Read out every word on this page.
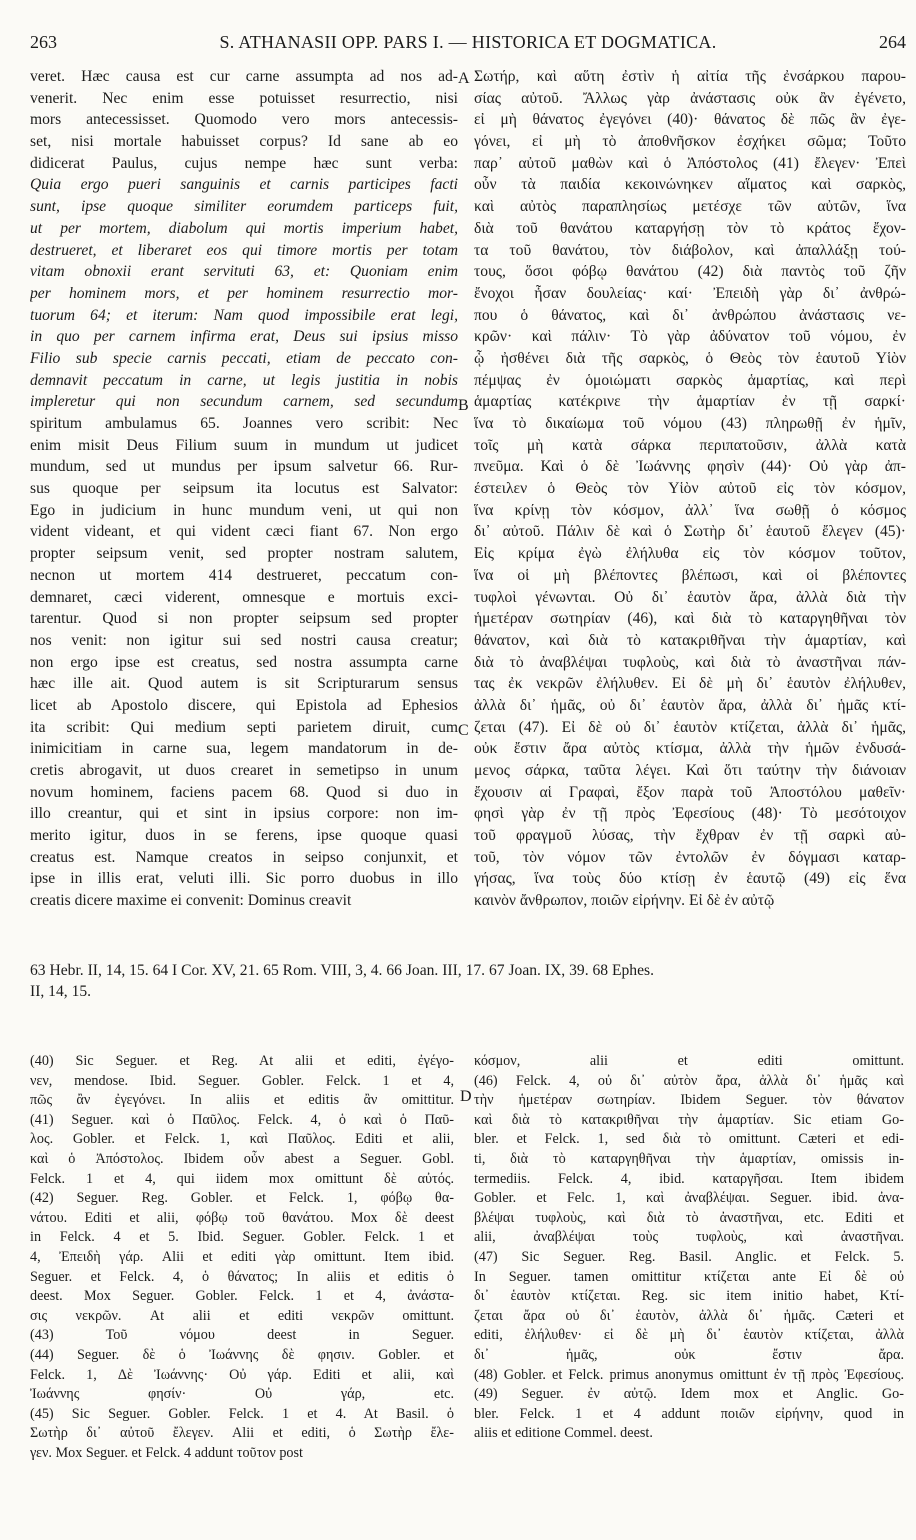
263	S. ATHANASII OPP. PARS I. — HISTORICA ET DOGMATICA.	264
veret. Hæc causa est cur carne assumpta ad nos ad-
venerit. Nec enim esse potuisset resurrectio, nisi
mors antecessisset. Quomodo vero mors antecessis-
set, nisi mortale habuisset corpus? Id sane ab eo
didicerat Paulus, cujus nempe hæc sunt verba:
Quia ergo pueri sanguinis et carnis participes facti
sunt, ipse quoque similiter eorumdem particeps fuit,
ut per mortem, diabolum qui mortis imperium habet,
destrueret, et liberaret eos qui timore mortis per totam
vitam obnoxii erant servituti 63, et: Quoniam enim
per hominem mors, et per hominem resurrectio mor-
tuorum 64; et iterum: Nam quod impossibile erat legi,
in quo per carnem infirma erat, Deus sui ipsius misso
Filio sub specie carnis peccati, etiam de peccato con-
demnavit peccatum in carne, ut legis justitia in nobis
impleretur qui non secundum carnem, sed secundum
spiritum ambulamus 65. Joannes vero scribit: Nec
enim misit Deus Filium suum in mundum ut judicet
mundum, sed ut mundus per ipsum salvetur 66. Rur-
sus quoque per seipsum ita locutus est Salvator:
Ego in judicium in hunc mundum veni, ut qui non
vident videant, et qui vident cæci fiant 67. Non ergo
propter seipsum venit, sed propter nostram salutem,
necnon ut mortem 414 destrueret, peccatum con-
demnaret, cæci viderent, omnesque e mortuis exci-
tarentur. Quod si non propter seipsum sed propter
nos venit: non igitur sui sed nostri causa creatur;
non ergo ipse est creatus, sed nostra assumpta carne
hæc ille ait. Quod autem is sit Scripturarum sensus
licet ab Apostolo discere, qui Epistola ad Ephesios
ita scribit: Qui medium septi parietem diruit, cum
inimicitiam in carne sua, legem mandatorum in de-
cretis abrogavit, ut duos crearet in semetipso in unum
novum hominem, faciens pacem 68. Quod si duo in
illo creantur, qui et sint in ipsius corpore: non im-
merito igitur, duos in se ferens, ipse quoque quasi
creatus est. Namque creatos in seipso conjunxit, et
ipse in illis erat, veluti illi. Sic porro duobus in illo
creatis dicere maxime ei convenit: Dominus creavit
Σωτήρ, καὶ αὕτη ἐστὶν ἡ αἰτία τῆς ἐνσάρκου παρου-
σίας αὐτοῦ. Ἄλλως γὰρ ἀνάστασις οὐκ ἂν ἐγένετο,
εἰ μὴ θάνατος ἐγεγόνει (40)· θάνατος δὲ πῶς ἂν ἐγε-
γόνει, εἰ μὴ τὸ ἀποθνῆσκον ἐσχήκει σῶμα; Τοῦτο
παρ᾽ αὐτοῦ μαθὼν καὶ ὁ Ἀπόστολος (41) ἔλεγεν· Ἐπεὶ
οὖν τὰ παιδία κεκοινώνηκεν αἵματος καὶ σαρκὸς,
καὶ αὐτὸς παραπλησίως μετέσχε τῶν αὐτῶν, ἵνα
διὰ τοῦ θανάτου καταργήσῃ τὸν τὸ κράτος ἔχον-
τα τοῦ θανάτου, τὸν διάβολον, καὶ ἀπαλλάξῃ τού-
τους, ὅσοι φόβῳ θανάτου (42) διὰ παντὸς τοῦ ζῆν
ἔνοχοι ἦσαν δουλείας· καί· Ἐπειδὴ γὰρ δι᾽ ἀνθρώ-
που ὁ θάνατος, καὶ δι᾽ ἀνθρώπου ἀνάστασις νε-
κρῶν· καὶ πάλιν· Τὸ γὰρ ἀδύνατον τοῦ νόμου, ἐν
ᾧ ἠσθένει διὰ τῆς σαρκὸς, ὁ Θεὸς τὸν ἑαυτοῦ Υἱὸν
πέμψας ἐν ὁμοιώματι σαρκὸς ἁμαρτίας, καὶ περὶ
ἁμαρτίας κατέκρινε τὴν ἁμαρτίαν ἐν τῇ σαρκί·
ἵνα τὸ δικαίωμα τοῦ νόμου (43) πληρωθῇ ἐν ἡμῖν,
τοῖς μὴ κατὰ σάρκα περιπατοῦσιν, ἀλλὰ κατὰ
πνεῦμα. Καὶ ὁ δὲ Ἰωάννης φησὶν (44)· Οὐ γὰρ ἀπ-
έστειλεν ὁ Θεὸς τὸν Υἱὸν αὐτοῦ εἰς τὸν κόσμον,
ἵνα κρίνῃ τὸν κόσμον, ἀλλ᾽ ἵνα σωθῇ ὁ κόσμος
δι᾽ αὐτοῦ. Πάλιν δὲ καὶ ὁ Σωτὴρ δι᾽ ἑαυτοῦ ἔλεγεν (45)·
Εἰς κρίμα ἐγὼ ἐλήλυθα εἰς τὸν κόσμον τοῦτον,
ἵνα οἱ μὴ βλέποντες βλέπωσι, καὶ οἱ βλέποντες
τυφλοὶ γένωνται. Οὐ δι᾽ ἑαυτὸν ἄρα, ἀλλὰ διὰ τὴν
ἡμετέραν σωτηρίαν (46), καὶ διὰ τὸ καταργηθῆναι τὸν
θάνατον, καὶ διὰ τὸ κατακριθῆναι τὴν ἁμαρτίαν, καὶ
διὰ τὸ ἀναβλέψαι τυφλοὺς, καὶ διὰ τὸ ἀναστῆναι πάν-
τας ἐκ νεκρῶν ἐλήλυθεν. Εἰ δὲ μὴ δι᾽ ἑαυτὸν ἐλήλυθεν,
ἀλλὰ δι᾽ ἡμᾶς, οὐ δι᾽ ἑαυτὸν ἄρα, ἀλλὰ δι᾽ ἡμᾶς κτί-
ζεται (47). Εἰ δὲ οὐ δι᾽ ἑαυτὸν κτίζεται, ἀλλὰ δι᾽ ἡμᾶς,
οὐκ ἔστιν ἄρα αὐτὸς κτίσμα, ἀλλὰ τὴν ἡμῶν ἐνδυσά-
μενος σάρκα, ταῦτα λέγει. Καὶ ὅτι ταύτην τὴν διάνοιαν
ἔχουσιν αἱ Γραφαὶ, ἔξον παρὰ τοῦ Ἀποστόλου μαθεῖν·
φησὶ γὰρ ἐν τῇ πρὸς Ἐφεσίους (48)· Τὸ μεσότοιχον
τοῦ φραγμοῦ λύσας, τὴν ἔχθραν ἐν τῇ σαρκὶ αὐ-
τοῦ, τὸν νόμον τῶν ἐντολῶν ἐν δόγμασι καταρ-
γήσας, ἵνα τοὺς δύο κτίσῃ ἐν ἑαυτῷ (49) εἰς ἕνα
καινὸν ἄνθρωπον, ποιῶν εἰρήνην. Εἰ δὲ ἐν αὐτῷ
A
B
C
D
63 Hebr. II, 14, 15. 64 I Cor. XV, 21. 65 Rom. VIII, 3, 4. 66 Joan. III, 17. 67 Joan. IX, 39. 68 Ephes.
II, 14, 15.
(40) Sic Seguer. et Reg. At alii et editi, ἐγέγο-
νεν, mendose. Ibid. Seguer. Gobler. Felck. 1 et 4,
πῶς ἂν ἐγεγόνει. In aliis et editis ἂν omittitur.
(41) Seguer. καὶ ὁ Παῦλος. Felck. 4, ὁ καὶ ὁ Παῦ-
λος. Gobler. et Felck. 1, καὶ Παῦλος. Editi et alii,
καὶ ὁ Ἀπόστολος. Ibidem οὖν abest a Seguer. Gobl.
Felck. 1 et 4, qui iidem mox omittunt δὲ αὐτός.
(42) Seguer. Reg. Gobler. et Felck. 1, φόβῳ θα-
νάτου. Editi et alii, φόβῳ τοῦ θανάτου. Mox δὲ deest
in Felck. 4 et 5. Ibid. Seguer. Gobler. Felck. 1 et
4, Ἐπειδὴ γάρ. Alii et editi γὰρ omittunt. Item ibid.
Seguer. et Felck. 4, ὁ θάνατος; In aliis et editis ὁ
deest. Mox Seguer. Gobler. Felck. 1 et 4, ἀνάστα-
σις νεκρῶν. At alii et editi νεκρῶν omittunt.
(43) Τοῦ νόμου deest in Seguer.
(44) Seguer. δὲ ὁ Ἰωάννης δὲ φησιν. Gobler. et
Felck. 1, Δὲ Ἰωάννης· Οὐ γάρ. Editi et alii, καὶ
Ἰωάννης φησίν· Οὐ γάρ, etc.
(45) Sic Seguer. Gobler. Felck. 1 et 4. At Basil. ὁ
Σωτὴρ δι᾽ αὐτοῦ ἔλεγεν. Alii et editi, ὁ Σωτὴρ ἔλε-
γεν. Mox Seguer. et Felck. 4 addunt τοῦτον post
κόσμον, alii et editi omittunt.
(46) Felck. 4, οὐ δι᾽ αὐτὸν ἄρα, ἀλλὰ δι᾽ ἡμᾶς καὶ
τὴν ἡμετέραν σωτηρίαν. Ibidem Seguer. τὸν θάνατον
καὶ διὰ τὸ κατακριθῆναι τὴν ἁμαρτίαν. Sic etiam Go-
bler. et Felck. 1, sed διὰ τὸ omittunt. Cæteri et edi-
ti, διὰ τὸ καταργηθῆναι τὴν ἁμαρτίαν, omissis in-
termediis. Felck. 4, ibid. καταργῆσαι. Item ibidem
Gobler. et Felc. 1, καὶ ἀναβλέψαι. Seguer. ibid. ἀνα-
βλέψαι τυφλοὺς, καὶ διὰ τὸ ἀναστῆναι, etc. Editi et
alii, ἀναβλέψαι τοὺς τυφλοὺς, καὶ ἀναστῆναι.
(47) Sic Seguer. Reg. Basil. Anglic. et Felck. 5.
In Seguer. tamen omittitur κτίζεται ante Εἰ δὲ οὐ
δι᾽ ἑαυτὸν κτίζεται. Reg. sic item initio habet, Κτί-
ζεται ἄρα οὐ δι᾽ ἑαυτὸν, ἀλλὰ δι᾽ ἡμᾶς. Cæteri et
editi, ἐλήλυθεν· εἰ δὲ μὴ δι᾽ ἑαυτὸν κτίζεται, ἀλλὰ
δι᾽ ἡμᾶς, οὐκ ἔστιν ἄρα.
(48) Gobler. et Felck. primus anonymus omittunt ἐν τῇ πρὸς Ἐφεσίους.
(49) Seguer. ἐν αὐτῷ. Idem mox et Anglic. Go-
bler. Felck. 1 et 4 addunt ποιῶν εἰρήνην, quod in
aliis et editione Commel. deest.
